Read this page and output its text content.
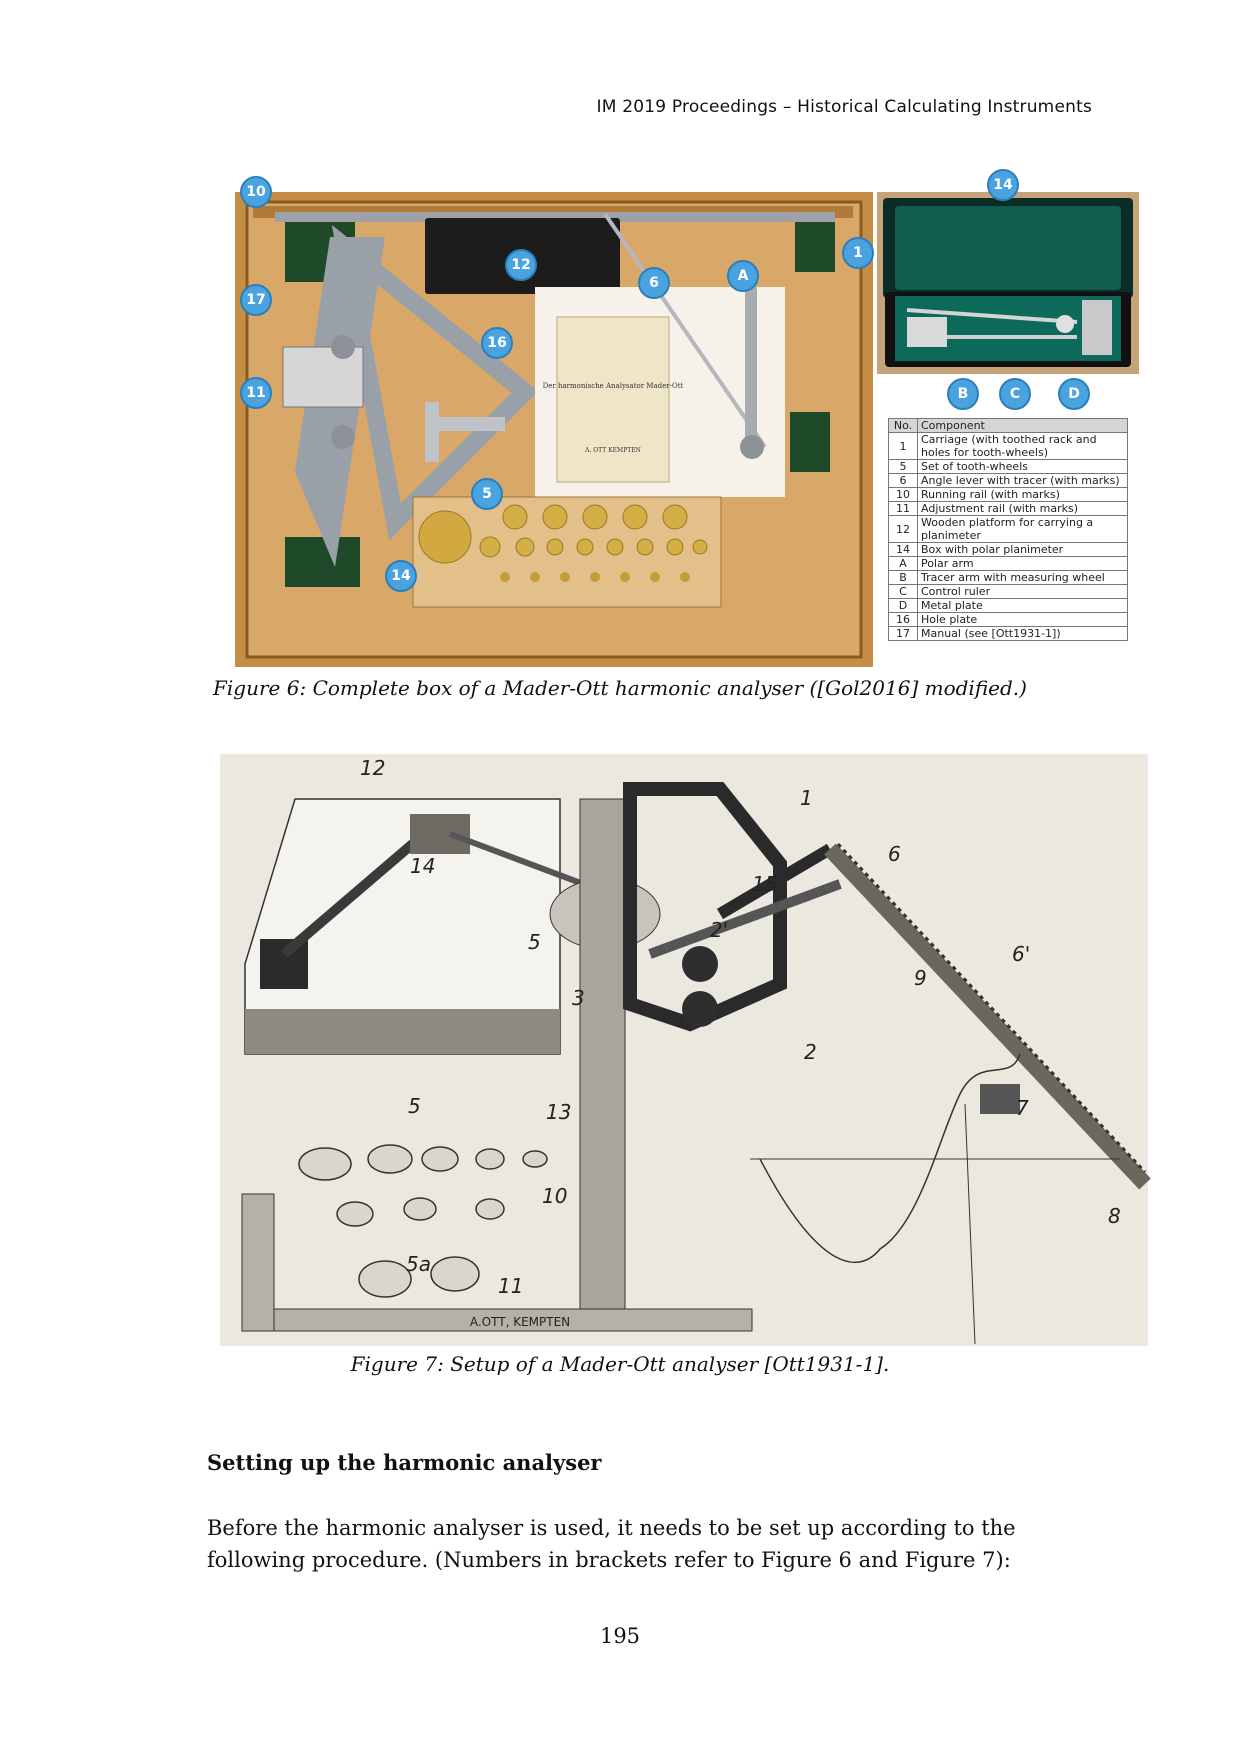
IM 2019 Proceedings – Historical Calculating Instruments
Der harmonische Analysator Mader-Ott
A. OTT KEMPTEN
10
12
6	A
17
16
11
5
14
14
1
B	C	D
No.	Component
1	Carriage (with toothed rack and holes for tooth-wheels)
5	Set of tooth-wheels
6	Angle lever with tracer (with marks)
10	Running rail (with marks)
11	Adjustment rail (with marks)
12	Wooden platform for carrying a planimeter
14	Box with polar planimeter
A	Polar arm
B	Tracer arm with measuring wheel
C	Control ruler
D	Metal plate
16	Hole plate
17	Manual (see [Ott1931-1])
Figure 6: Complete box of a Mader-Ott harmonic analyser ([Gol2016] modified.)
A.OTT, KEMPTEN
12
14
5
1
15
6
2'
3
9
6'
2
5	13	7
10
8
5a
11
Figure 7: Setup of a Mader-Ott analyser [Ott1931-1].
Setting up the harmonic analyser
Before the harmonic analyser is used, it needs to be set up according to the following procedure. (Numbers in brackets refer to Figure 6 and Figure 7):
195
